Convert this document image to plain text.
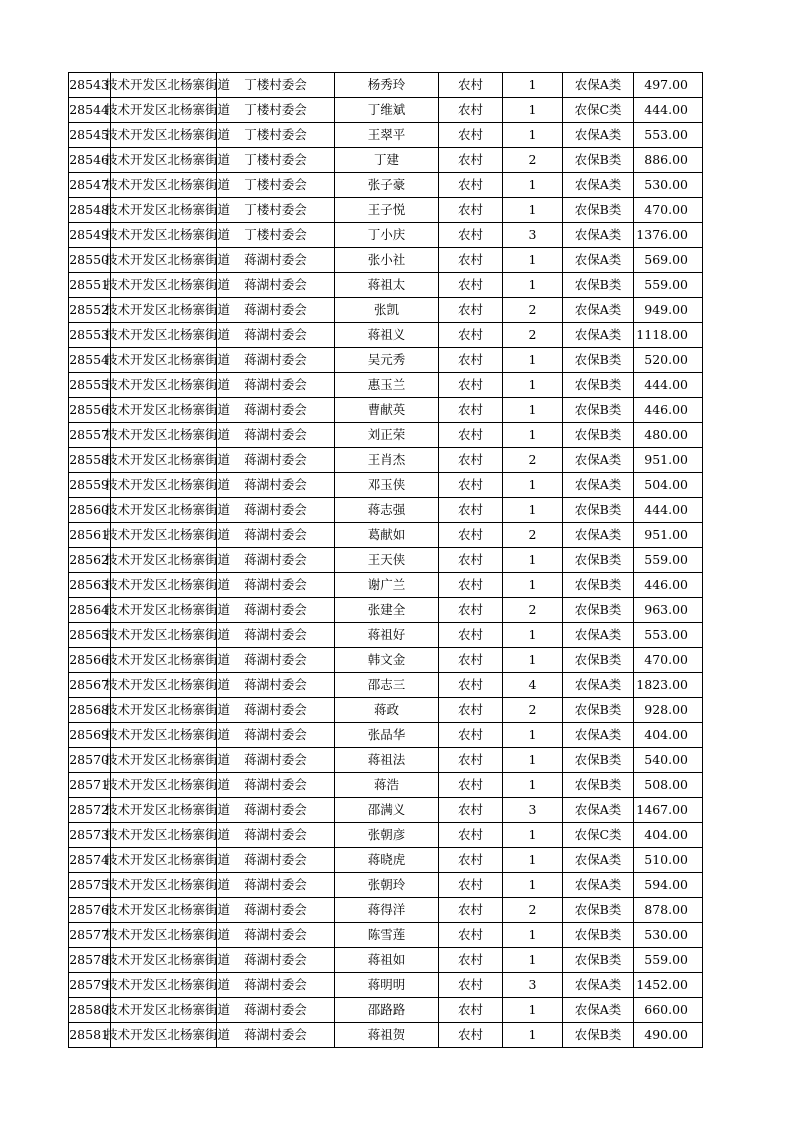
28543	技术开发区北杨寨街道	丁楼村委会	杨秀玲	农村	1	农保A类	497.00
28544	技术开发区北杨寨街道	丁楼村委会	丁维斌	农村	1	农保C类	444.00
28545	技术开发区北杨寨街道	丁楼村委会	王翠平	农村	1	农保A类	553.00
28546	技术开发区北杨寨街道	丁楼村委会	丁建	农村	2	农保B类	886.00
28547	技术开发区北杨寨街道	丁楼村委会	张子豪	农村	1	农保A类	530.00
28548	技术开发区北杨寨街道	丁楼村委会	王子悦	农村	1	农保B类	470.00
28549	技术开发区北杨寨街道	丁楼村委会	丁小庆	农村	3	农保A类	1376.00
28550	技术开发区北杨寨街道	蒋湖村委会	张小社	农村	1	农保A类	569.00
28551	技术开发区北杨寨街道	蒋湖村委会	蒋祖太	农村	1	农保B类	559.00
28552	技术开发区北杨寨街道	蒋湖村委会	张凯	农村	2	农保A类	949.00
28553	技术开发区北杨寨街道	蒋湖村委会	蒋祖义	农村	2	农保A类	1118.00
28554	技术开发区北杨寨街道	蒋湖村委会	吴元秀	农村	1	农保B类	520.00
28555	技术开发区北杨寨街道	蒋湖村委会	惠玉兰	农村	1	农保B类	444.00
28556	技术开发区北杨寨街道	蒋湖村委会	曹献英	农村	1	农保B类	446.00
28557	技术开发区北杨寨街道	蒋湖村委会	刘正荣	农村	1	农保B类	480.00
28558	技术开发区北杨寨街道	蒋湖村委会	王肖杰	农村	2	农保A类	951.00
28559	技术开发区北杨寨街道	蒋湖村委会	邓玉侠	农村	1	农保A类	504.00
28560	技术开发区北杨寨街道	蒋湖村委会	蒋志强	农村	1	农保B类	444.00
28561	技术开发区北杨寨街道	蒋湖村委会	葛献如	农村	2	农保A类	951.00
28562	技术开发区北杨寨街道	蒋湖村委会	王天侠	农村	1	农保B类	559.00
28563	技术开发区北杨寨街道	蒋湖村委会	谢广兰	农村	1	农保B类	446.00
28564	技术开发区北杨寨街道	蒋湖村委会	张建全	农村	2	农保B类	963.00
28565	技术开发区北杨寨街道	蒋湖村委会	蒋祖好	农村	1	农保A类	553.00
28566	技术开发区北杨寨街道	蒋湖村委会	韩文金	农村	1	农保B类	470.00
28567	技术开发区北杨寨街道	蒋湖村委会	邵志三	农村	4	农保A类	1823.00
28568	技术开发区北杨寨街道	蒋湖村委会	蒋政	农村	2	农保B类	928.00
28569	技术开发区北杨寨街道	蒋湖村委会	张品华	农村	1	农保A类	404.00
28570	技术开发区北杨寨街道	蒋湖村委会	蒋祖法	农村	1	农保B类	540.00
28571	技术开发区北杨寨街道	蒋湖村委会	蒋浩	农村	1	农保B类	508.00
28572	技术开发区北杨寨街道	蒋湖村委会	邵满义	农村	3	农保A类	1467.00
28573	技术开发区北杨寨街道	蒋湖村委会	张朝彦	农村	1	农保C类	404.00
28574	技术开发区北杨寨街道	蒋湖村委会	蒋晓虎	农村	1	农保A类	510.00
28575	技术开发区北杨寨街道	蒋湖村委会	张朝玲	农村	1	农保A类	594.00
28576	技术开发区北杨寨街道	蒋湖村委会	蒋得洋	农村	2	农保B类	878.00
28577	技术开发区北杨寨街道	蒋湖村委会	陈雪莲	农村	1	农保B类	530.00
28578	技术开发区北杨寨街道	蒋湖村委会	蒋祖如	农村	1	农保B类	559.00
28579	技术开发区北杨寨街道	蒋湖村委会	蒋明明	农村	3	农保A类	1452.00
28580	技术开发区北杨寨街道	蒋湖村委会	邵路路	农村	1	农保A类	660.00
28581	技术开发区北杨寨街道	蒋湖村委会	蒋祖贺	农村	1	农保B类	490.00
